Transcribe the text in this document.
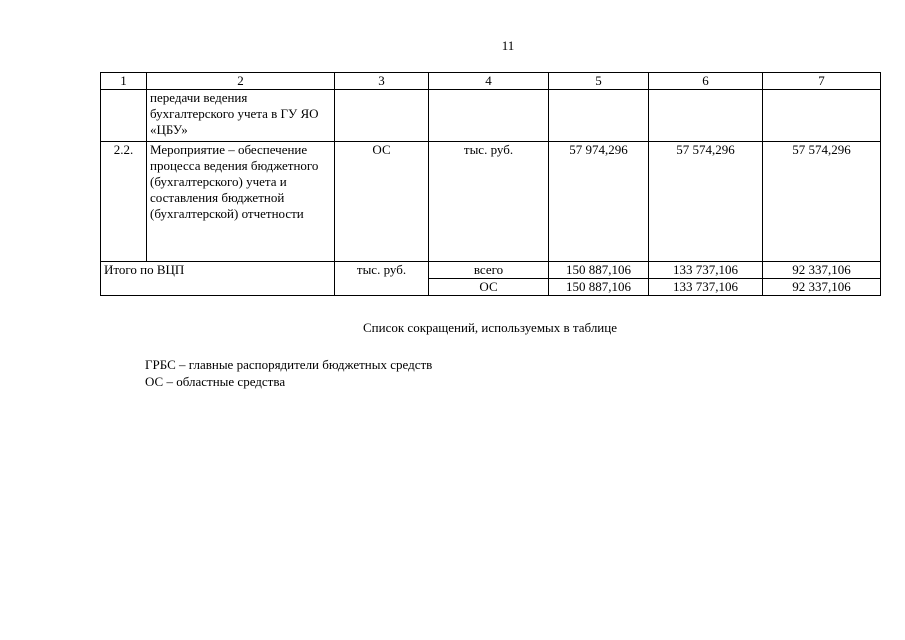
11
1	2	3	4	5	6	7
	передачи ведения бухгалтерского учета в ГУ ЯО «ЦБУ»					
2.2.	Мероприятие – обеспечение процесса ведения бюджетного (бухгалтерского) учета и составления бюджетной (бухгалтерской) отчетности	ОС	тыс. руб.	57 974,296	57 574,296	57 574,296
Итого по ВЦП		тыс. руб.	всего	150 887,106	133 737,106	92 337,106
			ОС	150 887,106	133 737,106	92 337,106
Список сокращений, используемых в таблице
ГРБС – главные распорядители бюджетных средств
ОС – областные средства
